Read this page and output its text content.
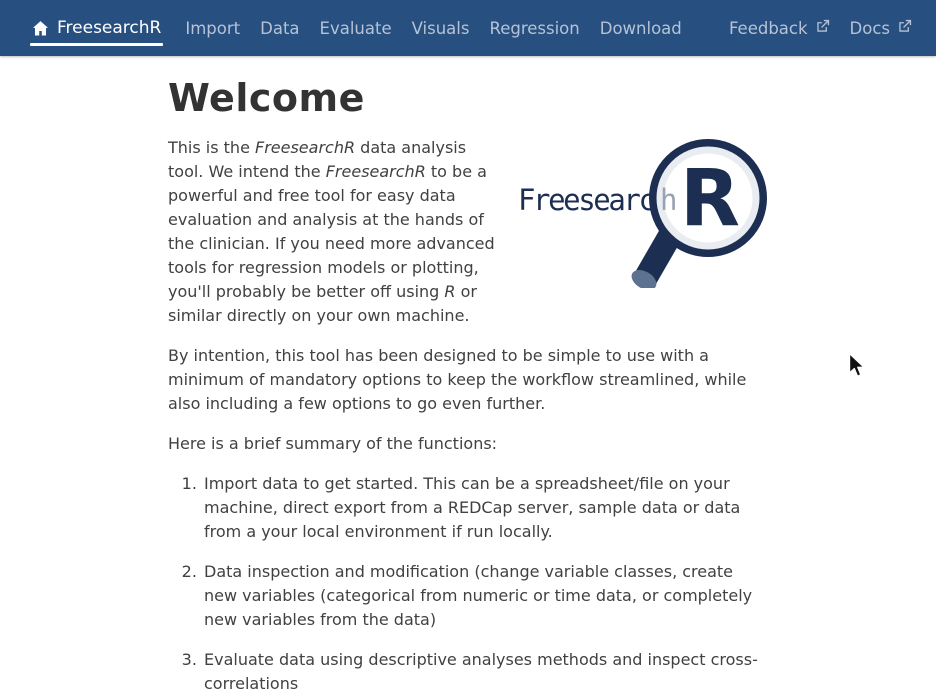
FreesearchR Import Data Evaluate Visuals Regression Download	Feedback	Docs
Welcome

Freesearc h R
This is the FreesearchR data analysis tool. We intend the FreesearchR to be a powerful and free tool for easy data evaluation and analysis at the hands of the clinician. If you need more advanced tools for regression models or plotting, you'll probably be better off using R or similar directly on your own machine.

By intention, this tool has been designed to be simple to use with a minimum of mandatory options to keep the workflow streamlined, while also including a few options to go even further.

Here is a brief summary of the functions:

1. Import data to get started. This can be a spreadsheet/file on your machine, direct export from a REDCap server, sample data or data from a your local environment if run locally.
2. Data inspection and modification (change variable classes, create new variables (categorical from numeric or time data, or completely new variables from the data)
3. Evaluate data using descriptive analyses methods and inspect cross-correlations
